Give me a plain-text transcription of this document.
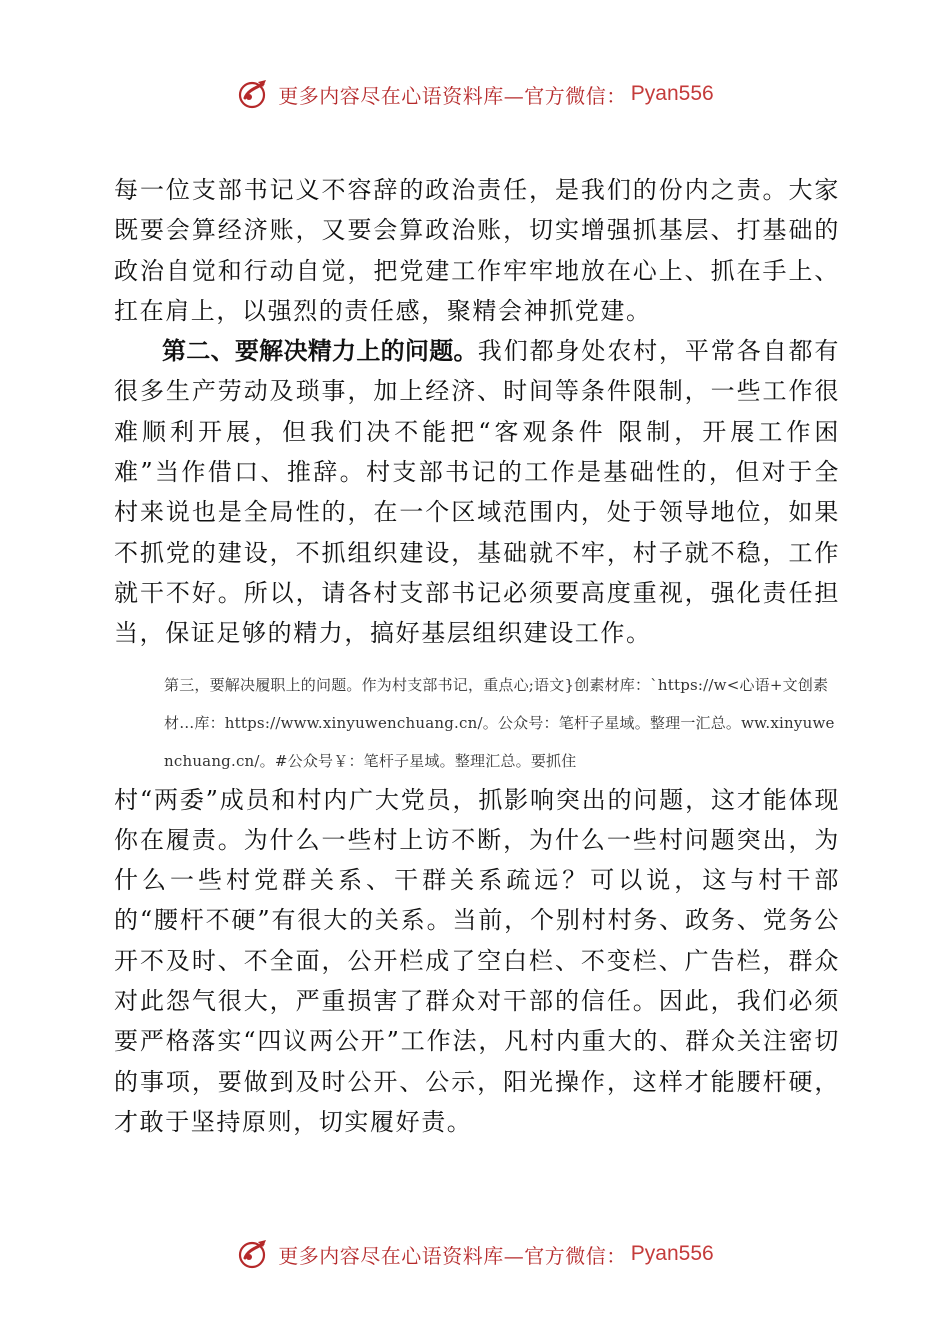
更多内容尽在心语资料库—官方微信： Pyan556

每一位支部书记义不容辞的政治责任，是我们的份内之责。大家既要会算经济账，又要会算政治账，切实增强抓基层、打基础的政治自觉和行动自觉，把党建工作牢牢地放在心上、抓在手上、扛在肩上，以强烈的责任感，聚精会神抓党建。

第二、要解决精力上的问题。我们都身处农村，平常各自都有很多生产劳动及琐事，加上经济、时间等条件限制，一些工作很难顺利开展，但我们决不能把“客观条件 限制，开展工作困难”当作借口、推辞。村支部书记的工作是基础性的，但对于全村来说也是全局性的，在一个区域范围内，处于领导地位，如果不抓党的建设，不抓组织建设，基础就不牢，村子就不稳，工作就干不好。所以，请各村支部书记必须要高度重视，强化责任担当，保证足够的精力，搞好基层组织建设工作。

第三，要解决履职上的问题。作为村支部书记，重点心;语文}创素材库：`https://w<心语+文创素材…库：https://www.xinyuwenchuang.cn/。公众号：笔杆子星域。整理一汇总。ww.xinyuwenchuang.cn/。#公众号￥：笔杆子星域。整理汇总。要抓住

村“两委”成员和村内广大党员，抓影响突出的问题，这才能体现你在履责。为什么一些村上访不断，为什么一些村问题突出，为什么一些村党群关系、干群关系疏远？可以说，这与村干部的“腰杆不硬”有很大的关系。当前，个别村村务、政务、党务公开不及时、不全面，公开栏成了空白栏、不变栏、广告栏，群众对此怨气很大，严重损害了群众对干部的信任。因此，我们必须要严格落实“四议两公开”工作法，凡村内重大的、群众关注密切的事项，要做到及时公开、公示，阳光操作，这样才能腰杆硬，才敢于坚持原则，切实履好责。

更多内容尽在心语资料库—官方微信： Pyan556
